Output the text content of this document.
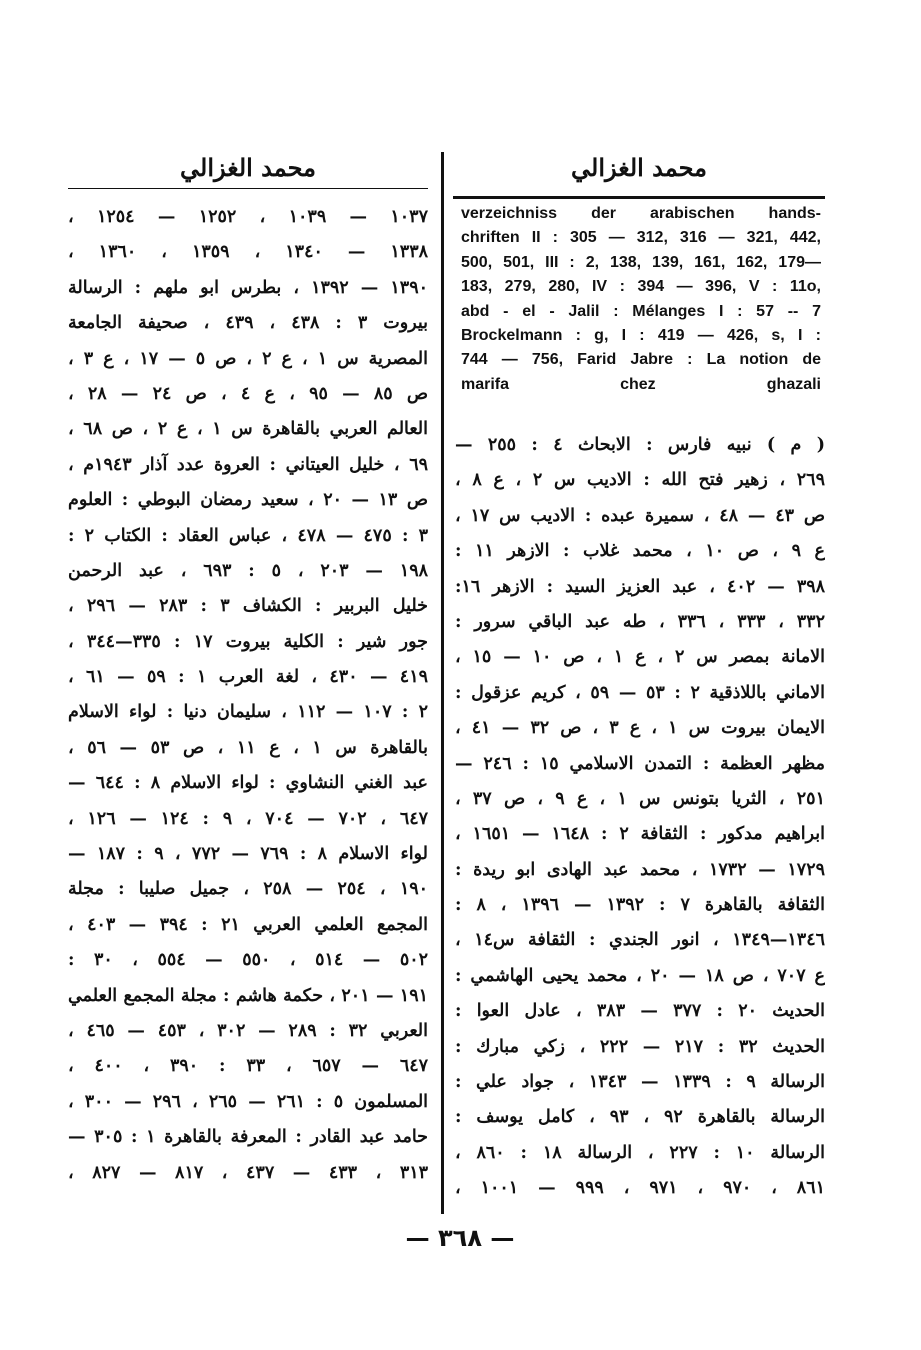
محمد الغزالي
محمد الغزالي
verzeichniss der arabischen hands-
chriften II : 305 — 312, 316 — 321, 442,
500, 501, III : 2, 138, 139, 161, 162, 179—
183, 279, 280, IV : 394 — 396, V : 11o,
abd - el - Jalil : Mélanges I : 57 -- 7
Brockelmann : g, I : 419 — 426, s, I :
744 — 756, Farid Jabre : La notion de
marifa chez ghazali
( م ) نبيه فارس : الابحاث ٤ : ٢٥٥ —
٢٦٩ ، زهير فتح الله : الاديب س ٢ ، ع ٨ ،
ص ٤٣ — ٤٨ ، سميرة عبده : الاديب س ١٧ ،
ع ٩ ، ص ١٠ ، محمد غلاب : الازهر ١١ :
٣٩٨ — ٤٠٢ ، عبد العزيز السيد : الازهر ١٦:
٣٣٢ ، ٣٣٣ ، ٣٣٦ ، طه عبد الباقي سرور :
الامانة بمصر س ٢ ، ع ١ ، ص ١٠ — ١٥ ،
الاماني باللاذقية ٢ : ٥٣ — ٥٩ ، كريم عزقول :
الايمان بيروت س ١ ، ع ٣ ، ص ٣٢ — ٤١ ،
مظهر العظمة : التمدن الاسلامي ١٥ : ٢٤٦ —
٢٥١ ، الثريا بتونس س ١ ، ع ٩ ، ص ٣٧ ،
ابراهيم مدكور : الثقافة ٢ : ١٦٤٨ — ١٦٥١ ،
١٧٢٩ — ١٧٣٢ ، محمد عبد الهادى ابو ريدة :
الثقافة بالقاهرة ٧ : ١٣٩٢ — ١٣٩٦ ، ٨ :
١٣٤٦—١٣٤٩ ، انور الجندي : الثقافة س١٤ ،
ع ٧٠٧ ، ص ١٨ — ٢٠ ، محمد يحيى الهاشمي :
الحديث ٢٠ : ٣٧٧ — ٣٨٣ ، عادل العوا :
الحديث ٣٢ : ٢١٧ — ٢٢٢ ، زكي مبارك :
الرسالة ٩ : ١٣٣٩ — ١٣٤٣ ، جواد علي :
الرسالة بالقاهرة ٩٢ ، ٩٣ ، كامل يوسف :
الرسالة ١٠ : ٢٢٧ ، الرسالة ١٨ : ٨٦٠ ،
٨٦١ ، ٩٧٠ ، ٩٧١ ، ٩٩٩ — ١٠٠١ ،
١٠٣٧ — ١٠٣٩ ، ١٢٥٢ — ١٢٥٤ ،
١٣٣٨ — ١٣٤٠ ، ١٣٥٩ ، ١٣٦٠ ،
١٣٩٠ — ١٣٩٢ ، بطرس ابو ملهم : الرسالة
بيروت ٣ : ٤٣٨ ، ٤٣٩ ، صحيفة الجامعة
المصرية س ١ ، ع ٢ ، ص ٥ — ١٧ ، ع ٣ ،
ص ٨٥ — ٩٥ ، ع ٤ ، ص ٢٤ — ٢٨ ،
العالم العربي بالقاهرة س ١ ، ع ٢ ، ص ٦٨ ،
٦٩ ، خليل العيتاني : العروة عدد آذار ١٩٤٣م ،
ص ١٣ — ٢٠ ، سعيد رمضان البوطي : العلوم
٣ : ٤٧٥ — ٤٧٨ ، عباس العقاد : الكتاب ٢ :
١٩٨ — ٢٠٣ ، ٥ : ٦٩٣ ، عبد الرحمن
خليل البربير : الكشاف ٣ : ٢٨٣ — ٢٩٦ ،
جور شير : الكلية بيروت ١٧ : ٣٣٥—٣٤٤ ،
٤١٩ — ٤٣٠ ، لغة العرب ١ : ٥٩ — ٦١ ،
٢ : ١٠٧ — ١١٢ ، سليمان دنيا : لواء الاسلام
بالقاهرة س ١ ، ع ١١ ، ص ٥٣ — ٥٦ ،
عبد الغني النشاوي : لواء الاسلام ٨ : ٦٤٤ —
٦٤٧ ، ٧٠٢ — ٧٠٤ ، ٩ : ١٢٤ — ١٢٦ ،
لواء الاسلام ٨ : ٧٦٩ — ٧٧٢ ، ٩ : ١٨٧ —
١٩٠ ، ٢٥٤ — ٢٥٨ ، جميل صليبا : مجلة
المجمع العلمي العربي ٢١ : ٣٩٤ — ٤٠٣ ،
٥٠٢ — ٥١٤ ، ٥٥٠ — ٥٥٤ ، ٣٠ :
١٩١ — ٢٠١ ، حكمة هاشم : مجلة المجمع العلمي
العربي ٣٢ : ٢٨٩ — ٣٠٢ ، ٤٥٣ — ٤٦٥ ،
٦٤٧ — ٦٥٧ ، ٣٣ : ٣٩٠ ، ٤٠٠ ،
المسلمون ٥ : ٢٦١ — ٢٦٥ ، ٢٩٦ — ٣٠٠ ،
حامد عبد القادر : المعرفة بالقاهرة ١ : ٣٠٥ —
٣١٣ ، ٤٣٣ — ٤٣٧ ، ٨١٧ — ٨٢٧ ،
— ٣٦٨ —
